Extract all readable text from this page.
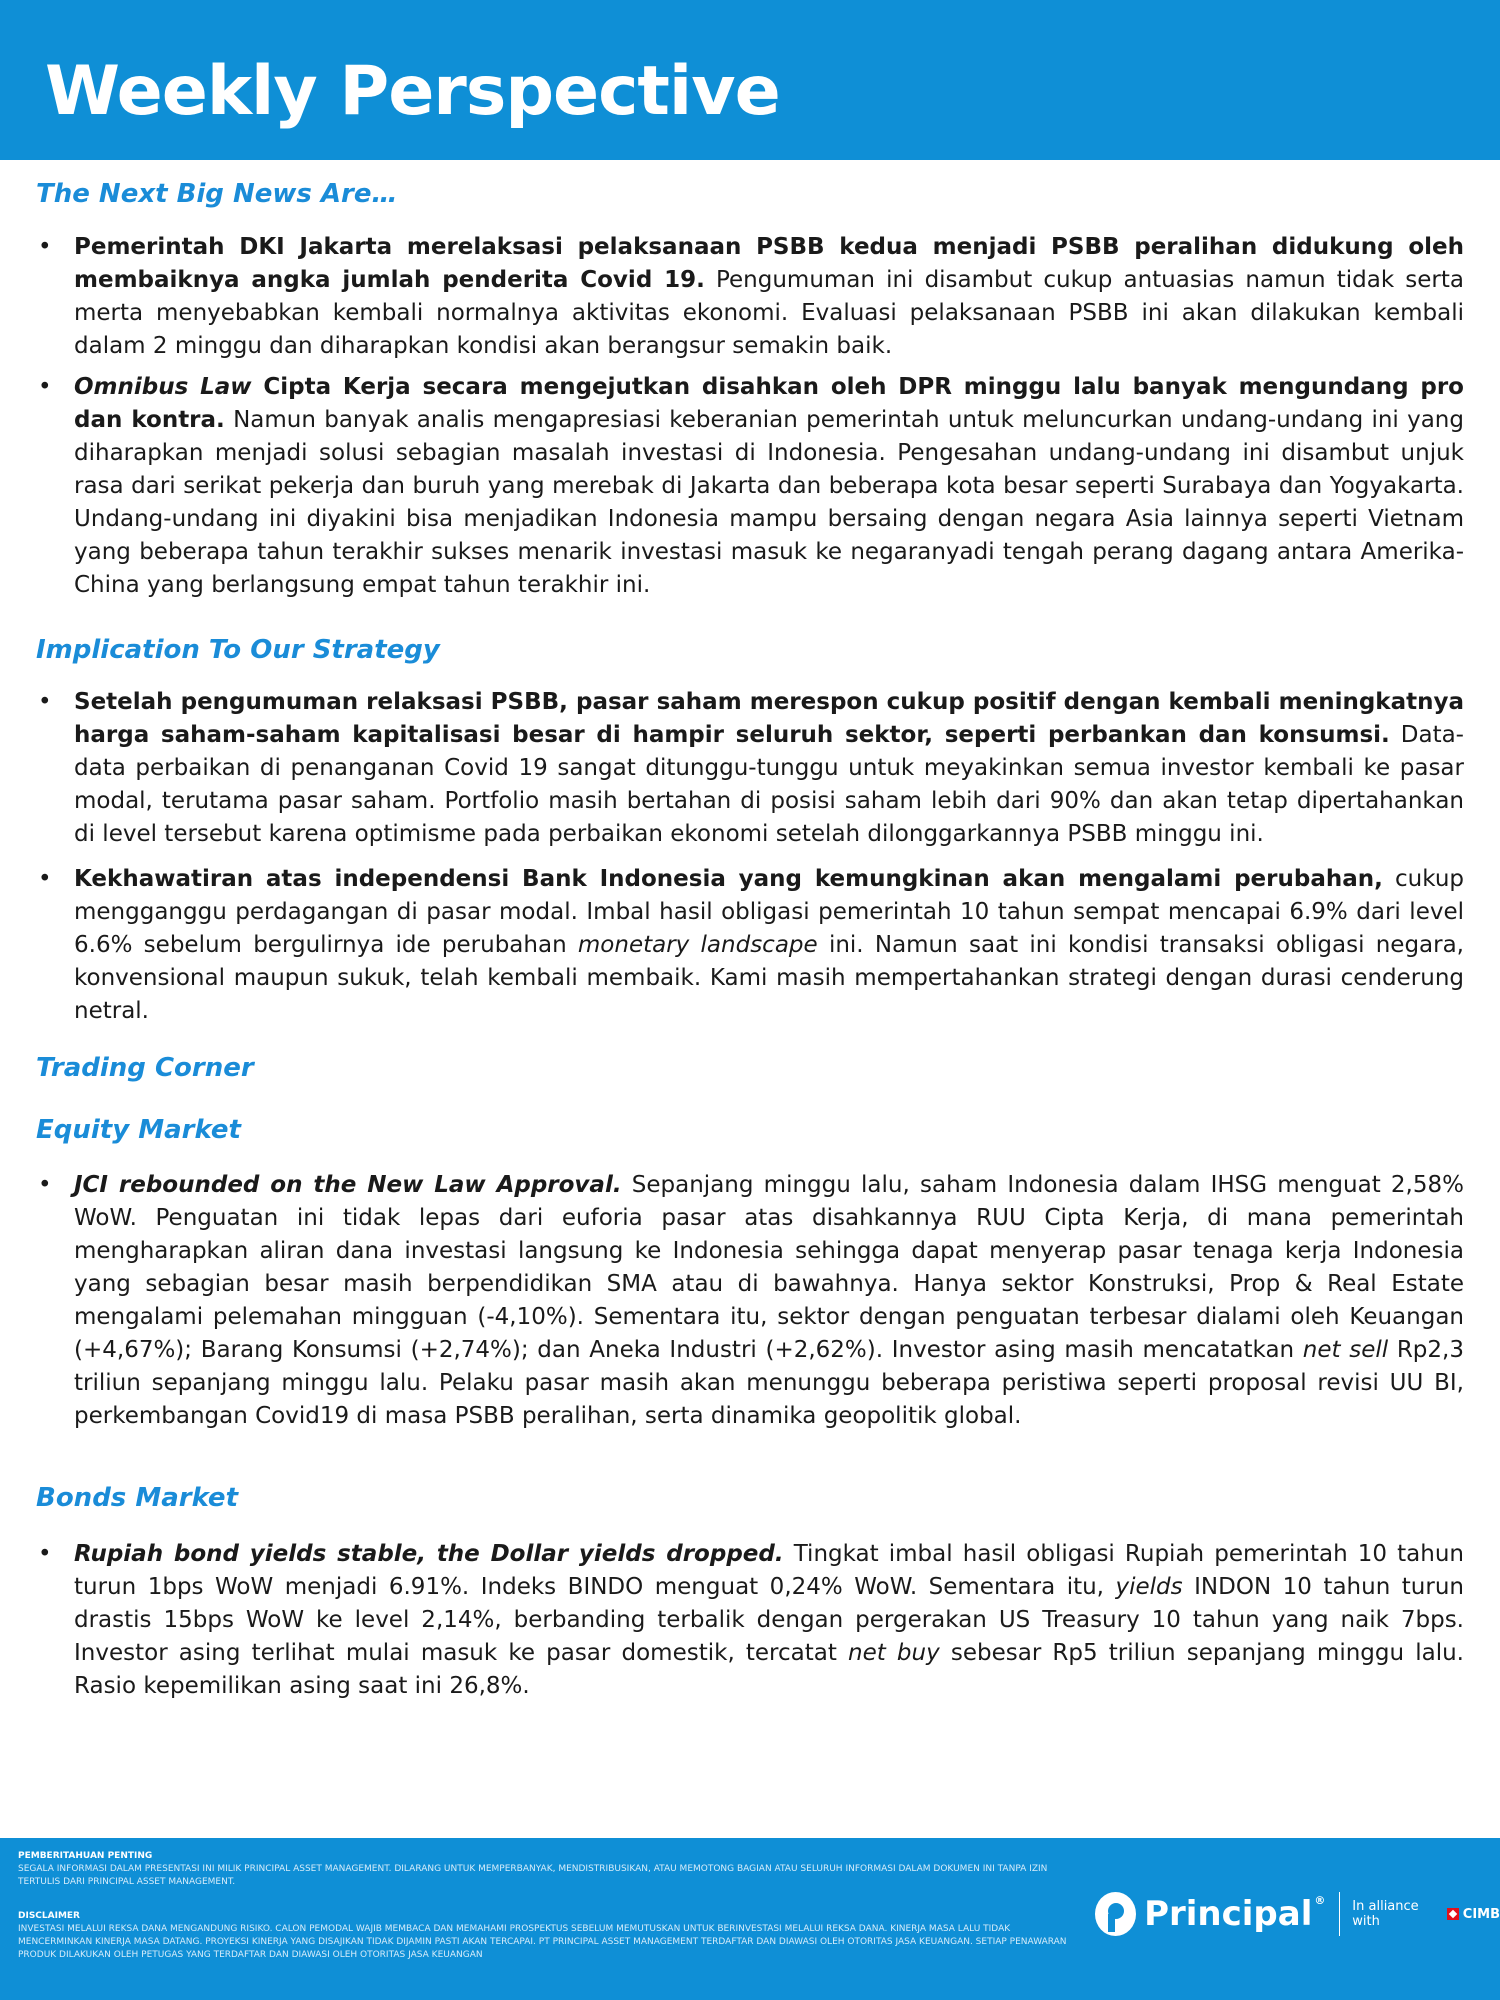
Weekly Perspective
The Next Big News Are…
• Pemerintah DKI Jakarta merelaksasi pelaksanaan PSBB kedua menjadi PSBB peralihan didukung oleh membaiknya angka jumlah penderita Covid 19. Pengumuman ini disambut cukup antuasias namun tidak serta merta menyebabkan kembali normalnya aktivitas ekonomi. Evaluasi pelaksanaan PSBB ini akan dilakukan kembali dalam 2 minggu dan diharapkan kondisi akan berangsur semakin baik.
• Omnibus Law Cipta Kerja secara mengejutkan disahkan oleh DPR minggu lalu banyak mengundang pro dan kontra. Namun banyak analis mengapresiasi keberanian pemerintah untuk meluncurkan undang-undang ini yang diharapkan menjadi solusi sebagian masalah investasi di Indonesia. Pengesahan undang-undang ini disambut unjuk rasa dari serikat pekerja dan buruh yang merebak di Jakarta dan beberapa kota besar seperti Surabaya dan Yogyakarta. Undang-undang ini diyakini bisa menjadikan Indonesia mampu bersaing dengan negara Asia lainnya seperti Vietnam yang beberapa tahun terakhir sukses menarik investasi masuk ke negaranyadi tengah perang dagang antara Amerika-China yang berlangsung empat tahun terakhir ini.
Implication To Our Strategy
• Setelah pengumuman relaksasi PSBB, pasar saham merespon cukup positif dengan kembali meningkatnya harga saham-saham kapitalisasi besar di hampir seluruh sektor, seperti perbankan dan konsumsi. Data-data perbaikan di penanganan Covid 19 sangat ditunggu-tunggu untuk meyakinkan semua investor kembali ke pasar modal, terutama pasar saham. Portfolio masih bertahan di posisi saham lebih dari 90% dan akan tetap dipertahankan di level tersebut karena optimisme pada perbaikan ekonomi setelah dilonggarkannya PSBB minggu ini.
• Kekhawatiran atas independensi Bank Indonesia yang kemungkinan akan mengalami perubahan, cukup mengganggu perdagangan di pasar modal. Imbal hasil obligasi pemerintah 10 tahun sempat mencapai 6.9% dari level 6.6% sebelum bergulirnya ide perubahan monetary landscape ini. Namun saat ini kondisi transaksi obligasi negara, konvensional maupun sukuk, telah kembali membaik. Kami masih mempertahankan strategi dengan durasi cenderung netral.
Trading Corner
Equity Market
• JCI rebounded on the New Law Approval. Sepanjang minggu lalu, saham Indonesia dalam IHSG menguat 2,58% WoW. Penguatan ini tidak lepas dari euforia pasar atas disahkannya RUU Cipta Kerja, di mana pemerintah mengharapkan aliran dana investasi langsung ke Indonesia sehingga dapat menyerap pasar tenaga kerja Indonesia yang sebagian besar masih berpendidikan SMA atau di bawahnya. Hanya sektor Konstruksi, Prop & Real Estate mengalami pelemahan mingguan (-4,10%). Sementara itu, sektor dengan penguatan terbesar dialami oleh Keuangan (+4,67%); Barang Konsumsi (+2,74%); dan Aneka Industri (+2,62%). Investor asing masih mencatatkan net sell Rp2,3 triliun sepanjang minggu lalu. Pelaku pasar masih akan menunggu beberapa peristiwa seperti proposal revisi UU BI, perkembangan Covid19 di masa PSBB peralihan, serta dinamika geopolitik global.
Bonds Market
• Rupiah bond yields stable, the Dollar yields dropped. Tingkat imbal hasil obligasi Rupiah pemerintah 10 tahun turun 1bps WoW menjadi 6.91%. Indeks BINDO menguat 0,24% WoW. Sementara itu, yields INDON 10 tahun turun drastis 15bps WoW ke level 2,14%, berbanding terbalik dengan pergerakan US Treasury 10 tahun yang naik 7bps. Investor asing terlihat mulai masuk ke pasar domestik, tercatat net buy sebesar Rp5 triliun sepanjang minggu lalu. Rasio kepemilikan asing saat ini 26,8%.
PEMBERITAHUAN PENTING
SEGALA INFORMASI DALAM PRESENTASI INI MILIK PRINCIPAL ASSET MANAGEMENT. DILARANG UNTUK MEMPERBANYAK, MENDISTRIBUSIKAN, ATAU MEMOTONG BAGIAN ATAU SELURUH INFORMASI DALAM DOKUMEN INI TANPA IZIN TERTULIS DARI PRINCIPAL ASSET MANAGEMENT.
DISCLAIMER
INVESTASI MELALUI REKSA DANA MENGANDUNG RISIKO. CALON PEMODAL WAJIB MEMBACA DAN MEMAHAMI PROSPEKTUS SEBELUM MEMUTUSKAN UNTUK BERINVESTASI MELALUI REKSA DANA. KINERJA MASA LALU TIDAK MENCERMINKAN KINERJA MASA DATANG. PROYEKSI KINERJA YANG DISAJIKAN TIDAK DIJAMIN PASTI AKAN TERCAPAI. PT PRINCIPAL ASSET MANAGEMENT TERDAFTAR DAN DIAWASI OLEH OTORITAS JASA KEUANGAN. SETIAP PENAWARAN PRODUK DILAKUKAN OLEH PETUGAS YANG TERDAFTAR DAN DIAWASI OLEH OTORITAS JASA KEUANGAN
Principal ® In alliance with	CIMB
